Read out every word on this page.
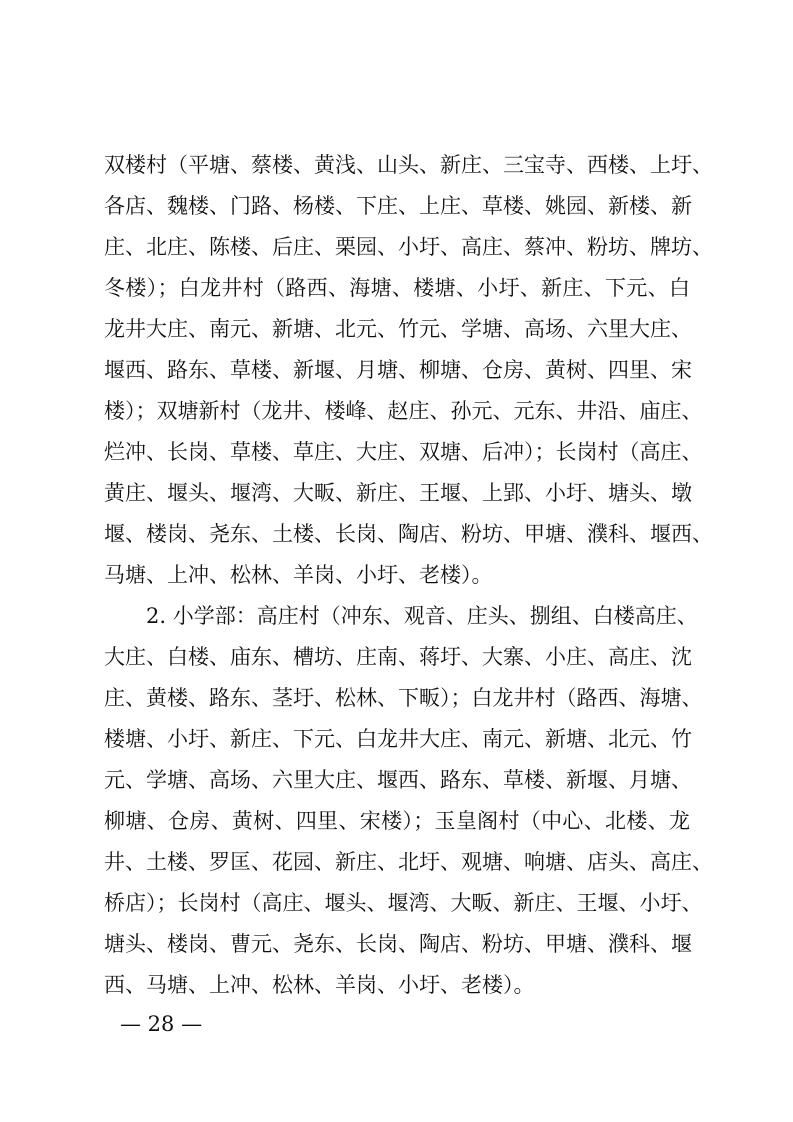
双楼村（平塘、蔡楼、黄浅、山头、新庄、三宝寺、西楼、上圩、
各店、魏楼、门路、杨楼、下庄、上庄、草楼、姚园、新楼、新
庄、北庄、陈楼、后庄、栗园、小圩、高庄、蔡冲、粉坊、牌坊、
冬楼）；白龙井村（路西、海塘、楼塘、小圩、新庄、下元、白
龙井大庄、南元、新塘、北元、竹元、学塘、高场、六里大庄、
堰西、路东、草楼、新堰、月塘、柳塘、仓房、黄树、四里、宋
楼）；双塘新村（龙井、楼峰、赵庄、孙元、元东、井沿、庙庄、
烂冲、长岗、草楼、草庄、大庄、双塘、后冲）；长岗村（高庄、
黄庄、堰头、堰湾、大畈、新庄、王堰、上郢、小圩、塘头、墩
堰、楼岗、尧东、土楼、长岗、陶店、粉坊、甲塘、濮科、堰西、
马塘、上冲、松林、羊岗、小圩、老楼）。
2. 小学部：高庄村（冲东、观音、庄头、捌组、白楼高庄、
大庄、白楼、庙东、槽坊、庄南、蒋圩、大寨、小庄、高庄、沈
庄、黄楼、路东、茎圩、松林、下畈）；白龙井村（路西、海塘、
楼塘、小圩、新庄、下元、白龙井大庄、南元、新塘、北元、竹
元、学塘、高场、六里大庄、堰西、路东、草楼、新堰、月塘、
柳塘、仓房、黄树、四里、宋楼）；玉皇阁村（中心、北楼、龙
井、土楼、罗匡、花园、新庄、北圩、观塘、响塘、店头、高庄、
桥店）；长岗村（高庄、堰头、堰湾、大畈、新庄、王堰、小圩、
塘头、楼岗、曹元、尧东、长岗、陶店、粉坊、甲塘、濮科、堰
西、马塘、上冲、松林、羊岗、小圩、老楼）。
— 28 —
